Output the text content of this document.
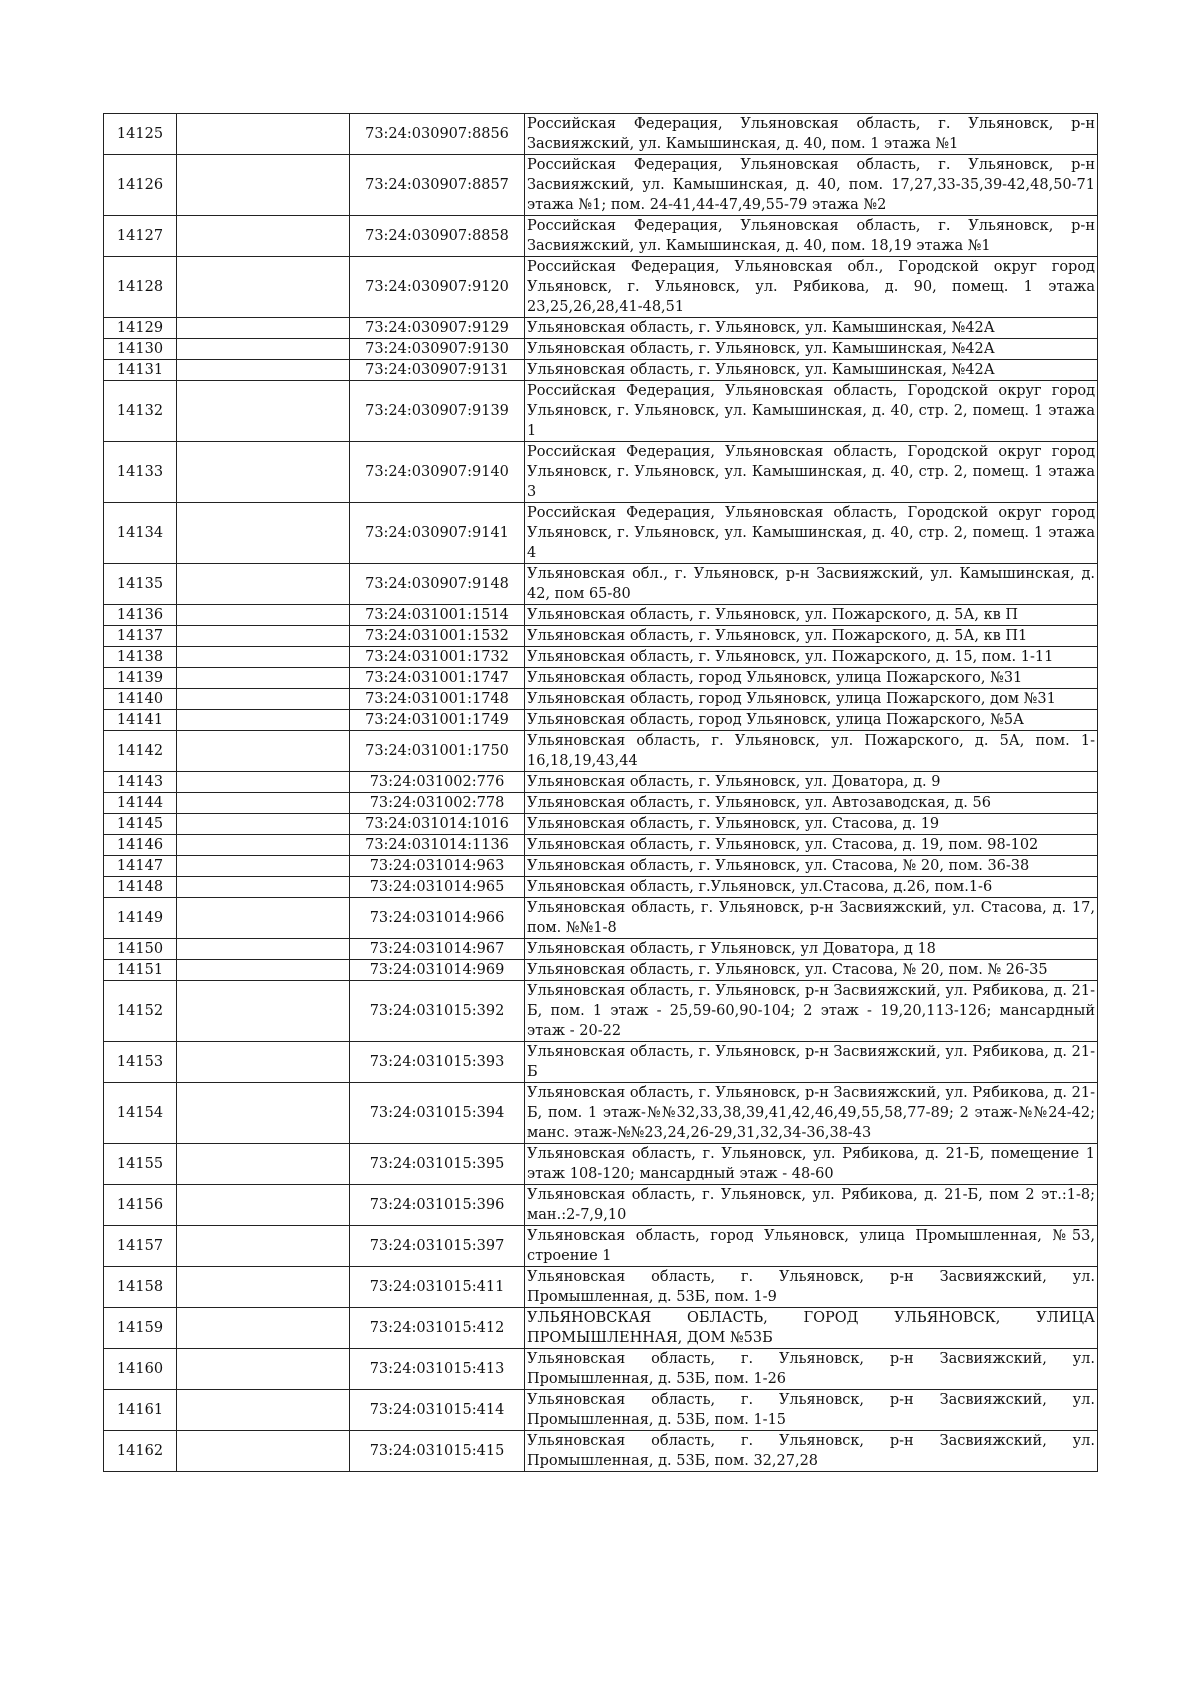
14125		73:24:030907:8856	Российская Федерация, Ульяновская область, г. Ульяновск, р-н Засвияжский, ул. Камышинская, д. 40, пом. 1 этажа №1
14126		73:24:030907:8857	Российская Федерация, Ульяновская область, г. Ульяновск, р-н Засвияжский, ул. Камышинская, д. 40, пом. 17,27,33-35,39-42,48,50-71 этажа №1; пом. 24-41,44-47,49,55-79 этажа №2
14127		73:24:030907:8858	Российская Федерация, Ульяновская область, г. Ульяновск, р-н Засвияжский, ул. Камышинская, д. 40, пом. 18,19 этажа №1
14128		73:24:030907:9120	Российская Федерация, Ульяновская обл., Городской округ город Ульяновск, г. Ульяновск, ул. Рябикова, д. 90, помещ. 1 этажа 23,25,26,28,41-48,51
14129		73:24:030907:9129	Ульяновская область, г. Ульяновск, ул. Камышинская, №42А
14130		73:24:030907:9130	Ульяновская область, г. Ульяновск, ул. Камышинская, №42А
14131		73:24:030907:9131	Ульяновская область, г. Ульяновск, ул. Камышинская, №42А
14132		73:24:030907:9139	Российская Федерация, Ульяновская область, Городской округ город Ульяновск, г. Ульяновск, ул. Камышинская, д. 40, стр. 2, помещ. 1 этажа 1
14133		73:24:030907:9140	Российская Федерация, Ульяновская область, Городской округ город Ульяновск, г. Ульяновск, ул. Камышинская, д. 40, стр. 2, помещ. 1 этажа 3
14134		73:24:030907:9141	Российская Федерация, Ульяновская область, Городской округ город Ульяновск, г. Ульяновск, ул. Камышинская, д. 40, стр. 2, помещ. 1 этажа 4
14135		73:24:030907:9148	Ульяновская обл., г. Ульяновск, р-н Засвияжский, ул. Камышинская, д. 42, пом 65-80
14136		73:24:031001:1514	Ульяновская область, г. Ульяновск, ул. Пожарского, д. 5А, кв П
14137		73:24:031001:1532	Ульяновская область, г. Ульяновск, ул. Пожарского, д. 5А, кв П1
14138		73:24:031001:1732	Ульяновская область, г. Ульяновск, ул. Пожарского, д. 15, пом. 1-11
14139		73:24:031001:1747	Ульяновская область, город Ульяновск, улица Пожарского, №31
14140		73:24:031001:1748	Ульяновская область, город Ульяновск, улица Пожарского, дом №31
14141		73:24:031001:1749	Ульяновская область, город Ульяновск, улица Пожарского, №5А
14142		73:24:031001:1750	Ульяновская область, г. Ульяновск, ул. Пожарского, д. 5А, пом. 1-16,18,19,43,44
14143		73:24:031002:776	Ульяновская область, г. Ульяновск, ул. Доватора, д. 9
14144		73:24:031002:778	Ульяновская область, г. Ульяновск, ул. Автозаводская, д. 56
14145		73:24:031014:1016	Ульяновская область, г. Ульяновск, ул. Стасова, д. 19
14146		73:24:031014:1136	Ульяновская область, г. Ульяновск, ул. Стасова, д. 19, пом. 98-102
14147		73:24:031014:963	Ульяновская область, г. Ульяновск, ул. Стасова, № 20, пом. 36-38
14148		73:24:031014:965	Ульяновская область, г.Ульяновск, ул.Стасова, д.26, пом.1-6
14149		73:24:031014:966	Ульяновская область, г. Ульяновск, р-н Засвияжский, ул. Стасова, д. 17, пом. №№1-8
14150		73:24:031014:967	Ульяновская область, г Ульяновск, ул Доватора, д 18
14151		73:24:031014:969	Ульяновская область, г. Ульяновск, ул. Стасова, № 20, пом. № 26-35
14152		73:24:031015:392	Ульяновская область, г. Ульяновск, р-н Засвияжский, ул. Рябикова, д. 21-Б, пом. 1 этаж - 25,59-60,90-104; 2 этаж - 19,20,113-126; мансардный этаж - 20-22
14153		73:24:031015:393	Ульяновская область, г. Ульяновск, р-н Засвияжский, ул. Рябикова, д. 21-Б
14154		73:24:031015:394	Ульяновская область, г. Ульяновск, р-н Засвияжский, ул. Рябикова, д. 21-Б, пом. 1 этаж-№№32,33,38,39,41,42,46,49,55,58,77-89; 2 этаж-№№24-42; манс. этаж-№№23,24,26-29,31,32,34-36,38-43
14155		73:24:031015:395	Ульяновская область, г. Ульяновск, ул. Рябикова, д. 21-Б, помещение 1 этаж 108-120; мансардный этаж - 48-60
14156		73:24:031015:396	Ульяновская область, г. Ульяновск, ул. Рябикова, д. 21-Б, пом 2 эт.:1-8; ман.:2-7,9,10
14157		73:24:031015:397	Ульяновская область, город Ульяновск, улица Промышленная, №53, строение 1
14158		73:24:031015:411	Ульяновская область, г. Ульяновск, р-н Засвияжский, ул. Промышленная, д. 53Б, пом. 1-9
14159		73:24:031015:412	УЛЬЯНОВСКАЯ ОБЛАСТЬ, ГОРОД УЛЬЯНОВСК, УЛИЦА ПРОМЫШЛЕННАЯ, ДОМ №53Б
14160		73:24:031015:413	Ульяновская область, г. Ульяновск, р-н Засвияжский, ул. Промышленная, д. 53Б, пом. 1-26
14161		73:24:031015:414	Ульяновская область, г. Ульяновск, р-н Засвияжский, ул. Промышленная, д. 53Б, пом. 1-15
14162		73:24:031015:415	Ульяновская область, г. Ульяновск, р-н Засвияжский, ул. Промышленная, д. 53Б, пом. 32,27,28
